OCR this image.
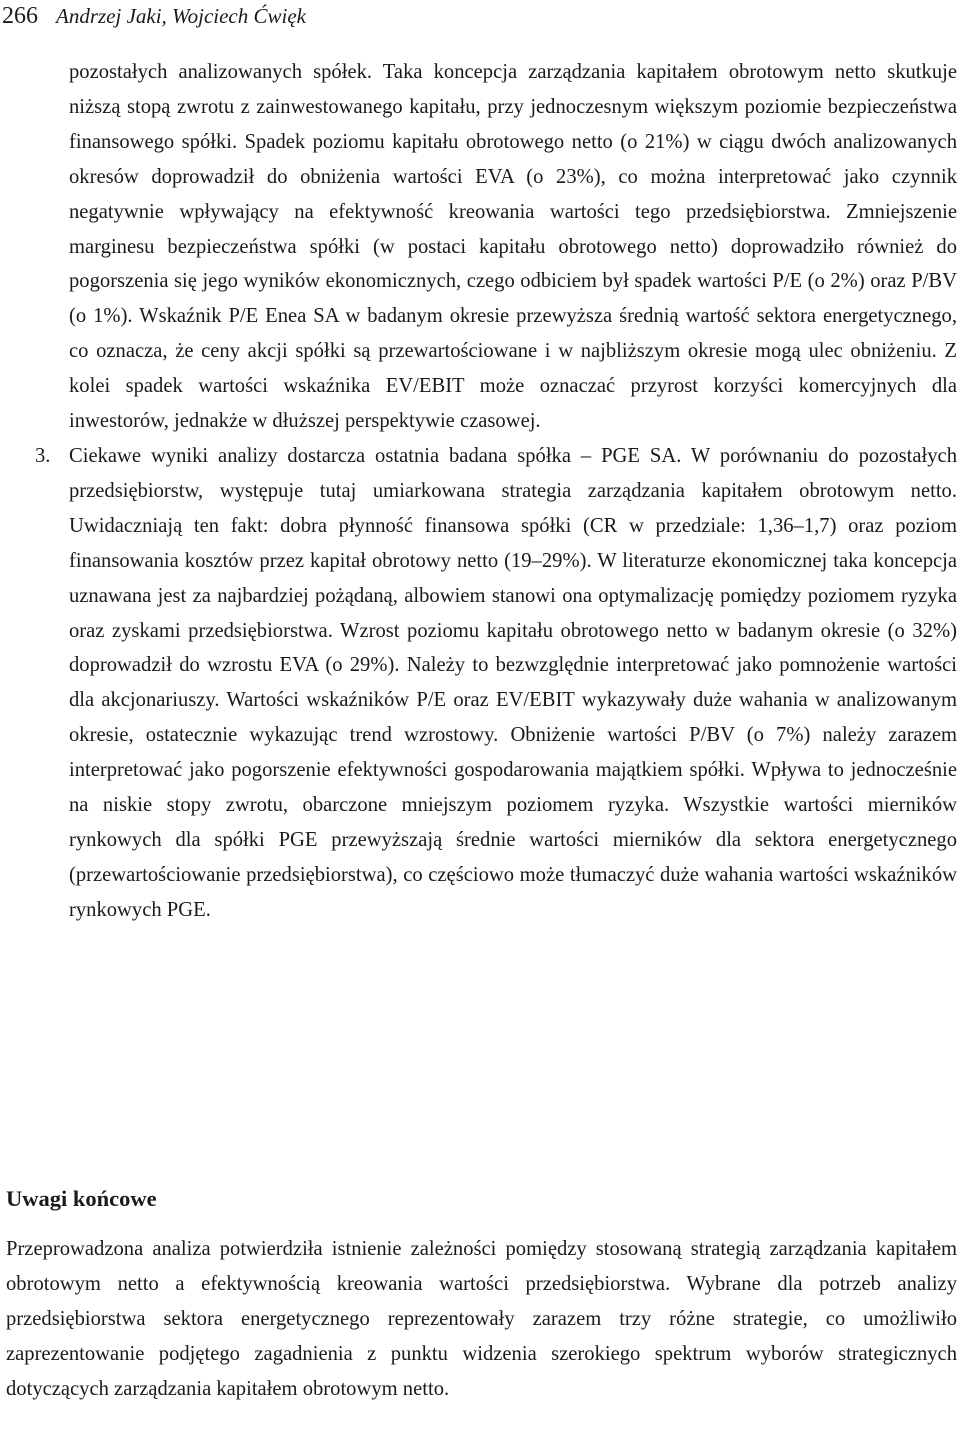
266 Andrzej Jaki, Wojciech Ćwięk

pozostałych analizowanych spółek. Taka koncepcja zarządzania kapitałem obrotowym netto skutkuje niższą stopą zwrotu z zainwestowanego kapitału, przy jednoczesnym większym poziomie bezpieczeństwa finansowego spółki. Spadek poziomu kapitału obrotowego netto (o 21%) w ciągu dwóch analizowanych okresów doprowadził do obniżenia wartości EVA (o 23%), co można interpretować jako czynnik negatywnie wpływający na efektywność kreowania wartości tego przedsiębiorstwa. Zmniejszenie marginesu bezpieczeństwa spółki (w postaci kapitału obrotowego netto) doprowadziło również do pogorszenia się jego wyników ekonomicznych, czego odbiciem był spadek wartości P/E (o 2%) oraz P/BV (o 1%). Wskaźnik P/E Enea SA w badanym okresie przewyższa średnią wartość sektora energetycznego, co oznacza, że ceny akcji spółki są przewartościowane i w najbliższym okresie mogą ulec obniżeniu. Z kolei spadek wartości wskaźnika EV/EBIT może oznaczać przyrost korzyści komercyjnych dla inwestorów, jednakże w dłuższej perspektywie czasowej.

3. Ciekawe wyniki analizy dostarcza ostatnia badana spółka – PGE SA. W porównaniu do pozostałych przedsiębiorstw, występuje tutaj umiarkowana strategia zarządzania kapitałem obrotowym netto. Uwidaczniają ten fakt: dobra płynność finansowa spółki (CR w przedziale: 1,36–1,7) oraz poziom finansowania kosztów przez kapitał obrotowy netto (19–29%). W literaturze ekonomicznej taka koncepcja uznawana jest za najbardziej pożądaną, albowiem stanowi ona optymalizację pomiędzy poziomem ryzyka oraz zyskami przedsiębiorstwa. Wzrost poziomu kapitału obrotowego netto w badanym okresie (o 32%) doprowadził do wzrostu EVA (o 29%). Należy to bezwzględnie interpretować jako pomnożenie wartości dla akcjonariuszy. Wartości wskaźników P/E oraz EV/EBIT wykazywały duże wahania w analizowanym okresie, ostatecznie wykazując trend wzrostowy. Obniżenie wartości P/BV (o 7%) należy zarazem interpretować jako pogorszenie efektywności gospodarowania majątkiem spółki. Wpływa to jednocześnie na niskie stopy zwrotu, obarczone mniejszym poziomem ryzyka. Wszystkie wartości mierników rynkowych dla spółki PGE przewyższają średnie wartości mierników dla sektora energetycznego (przewartościowanie przedsiębiorstwa), co częściowo może tłumaczyć duże wahania wartości wskaźników rynkowych PGE.

Uwagi końcowe

Przeprowadzona analiza potwierdziła istnienie zależności pomiędzy stosowaną strategią zarządzania kapitałem obrotowym netto a efektywnością kreowania wartości przedsiębiorstwa. Wybrane dla potrzeb analizy przedsiębiorstwa sektora energetycznego reprezentowały zarazem trzy różne strategie, co umożliwiło zaprezentowanie podjętego zagadnienia z punktu widzenia szerokiego spektrum wyborów strategicznych dotyczących zarządzania kapitałem obrotowym netto.
